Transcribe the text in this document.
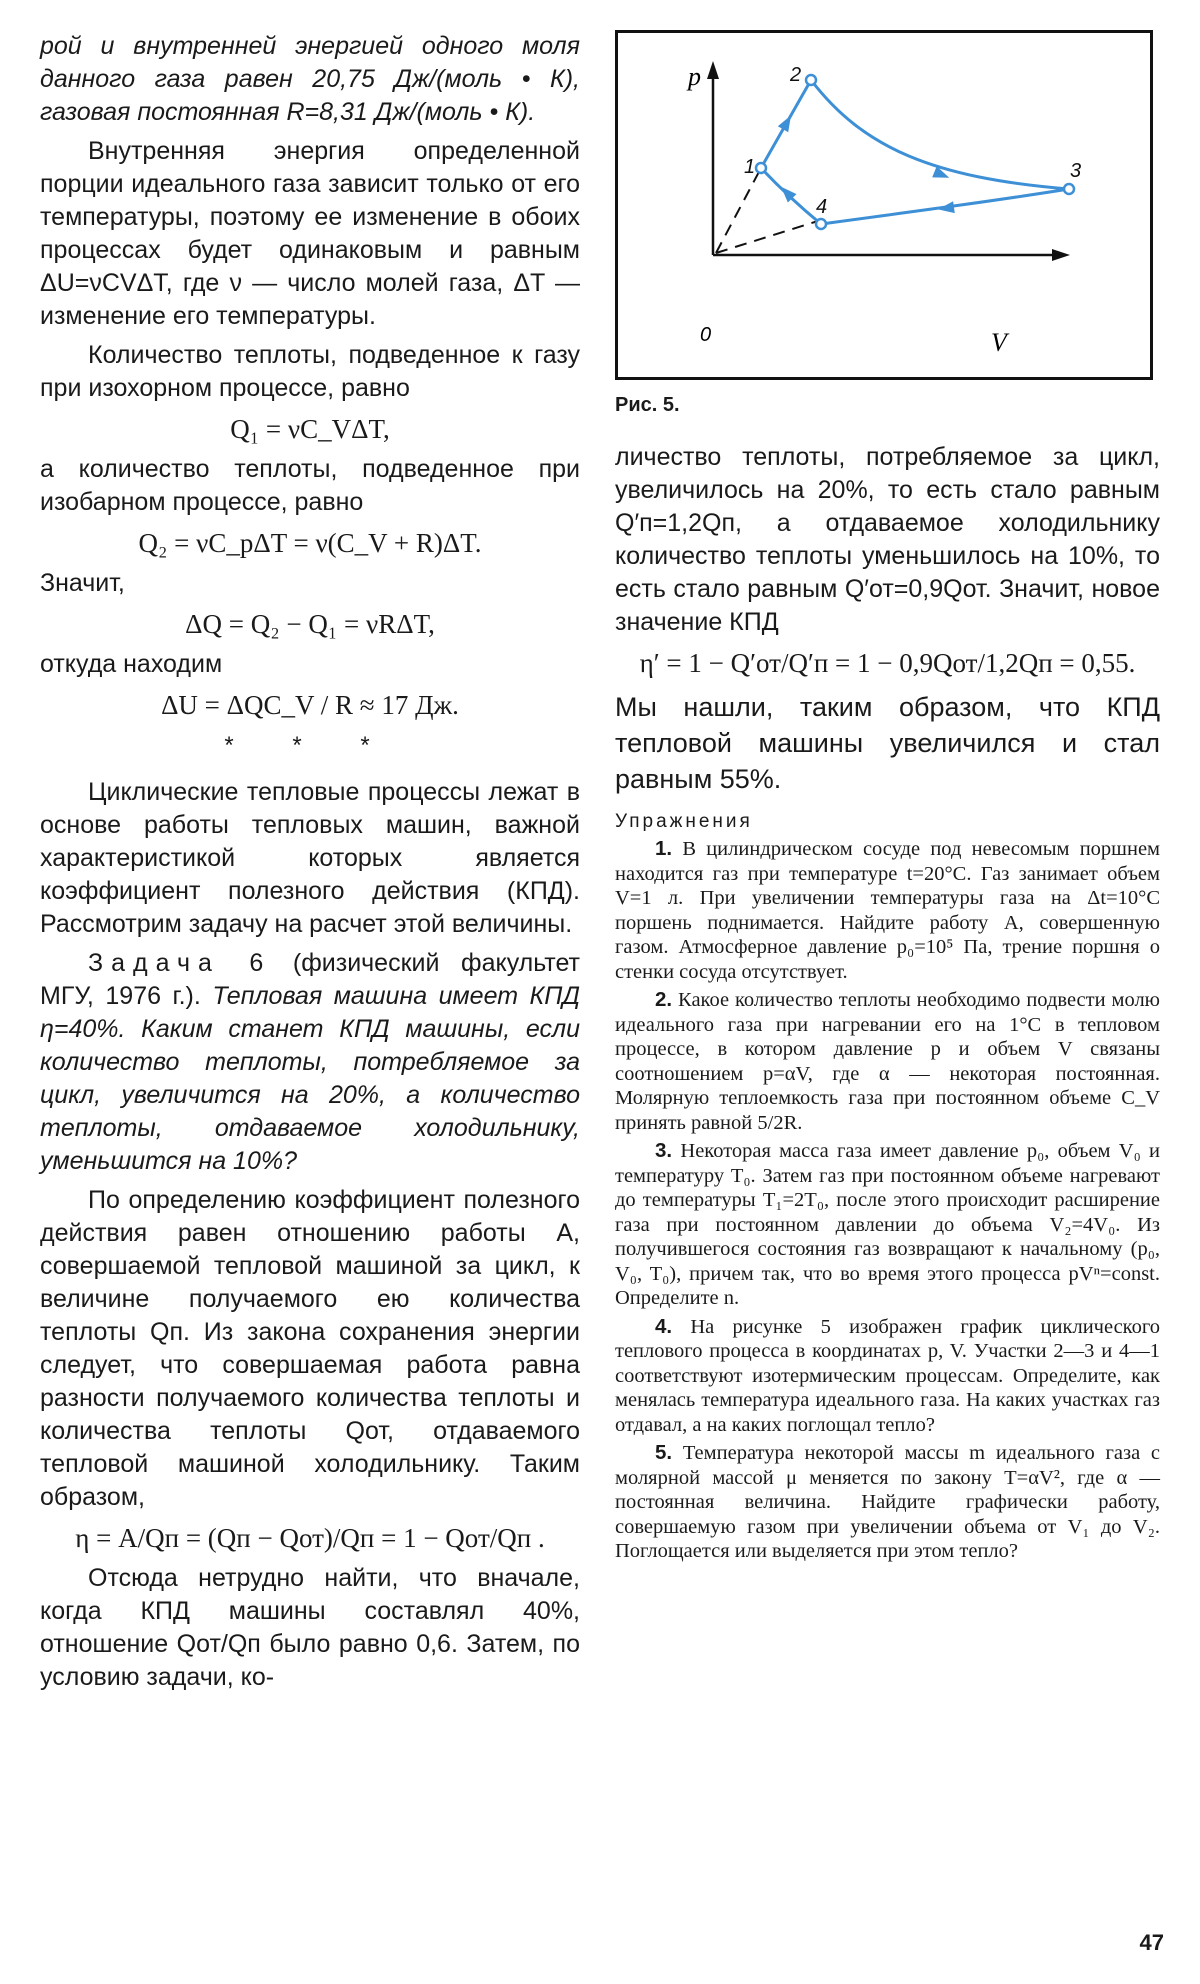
рой и внутренней энергией одного моля данного газа равен 20,75 Дж/(моль • К), газовая постоянная R=8,31 Дж/(моль • К).

Внутренняя энергия определенной порции идеального газа зависит только от его температуры, поэтому ее изменение в обоих процессах будет одинаковым и равным ΔU=νCVΔT, где ν — число молей газа, ΔT — изменение его температуры.

Количество теплоты, подведенное к газу при изохорном процессе, равно

Q₁ = νC_VΔT,

а количество теплоты, подведенное при изобарном процессе, равно

Q₂ = νC_pΔT = ν(C_V + R)ΔT.

Значит,

ΔQ = Q₂ − Q₁ = νRΔT,

откуда находим

ΔU = ΔQC_V / R ≈ 17 Дж.
* * *

Циклические тепловые процессы лежат в основе работы тепловых машин, важной характеристикой которых является коэффициент полезного действия (КПД). Рассмотрим задачу на расчет этой величины.

Задача 6 (физический факультет МГУ, 1976 г.). Тепловая машина имеет КПД η=40%. Каким станет КПД машины, если количество теплоты, потребляемое за цикл, увеличится на 20%, а количество теплоты, отдаваемое холодильнику, уменьшится на 10%?

По определению коэффициент полезного действия равен отношению работы A, совершаемой тепловой машиной за цикл, к величине получаемого ею количества теплоты Qп. Из закона сохранения энергии следует, что совершаемая работа равна разности получаемого количества теплоты и количества теплоты Qот, отдаваемого тепловой машиной холодильнику. Таким образом,

η = A/Qп = (Qп − Qот)/Qп = 1 − Qот/Qп .

Отсюда нетрудно найти, что вначале, когда КПД машины составлял 40%, отношение Qот/Qп было равно 0,6. Затем, по условию задачи, ко-

p
V
0
1
2
3
4
Рис. 5.

личество теплоты, потребляемое за цикл, увеличилось на 20%, то есть стало равным Q′п=1,2Qп, а отдаваемое холодильнику количество теплоты уменьшилось на 10%, то есть стало равным Q′от=0,9Qот. Значит, новое значение КПД

η′ = 1 − Q′от/Q′п = 1 − 0,9Qот/1,2Qп = 0,55.

Мы нашли, таким образом, что КПД тепловой машины увеличился и стал равным 55%.

Упражнения

1. В цилиндрическом сосуде под невесомым поршнем находится газ при температуре t=20°C. Газ занимает объем V=1 л. При увеличении температуры газа на Δt=10°C поршень поднимается. Найдите работу A, совершенную газом. Атмосферное давление p₀=10⁵ Па, трение поршня о стенки сосуда отсутствует.

2. Какое количество теплоты необходимо подвести молю идеального газа при нагревании его на 1°C в тепловом процессе, в котором давление p и объем V связаны соотношением p=αV, где α — некоторая постоянная. Молярную теплоемкость газа при постоянном объеме C_V принять равной 5/2R.

3. Некоторая масса газа имеет давление p₀, объем V₀ и температуру T₀. Затем газ при постоянном объеме нагревают до температуры T₁=2T₀, после этого происходит расширение газа при постоянном давлении до объема V₂=4V₀. Из получившегося состояния газ возвращают к начальному (p₀, V₀, T₀), причем так, что во время этого процесса pVⁿ=const. Определите n.

4. На рисунке 5 изображен график циклического теплового процесса в координатах p, V. Участки 2—3 и 4—1 соответствуют изотермическим процессам. Определите, как менялась температура идеального газа. На каких участках газ отдавал, а на каких поглощал тепло?

5. Температура некоторой массы m идеального газа с молярной массой μ меняется по закону T=αV², где α — постоянная величина. Найдите графически работу, совершаемую газом при увеличении объема от V₁ до V₂. Поглощается или выделяется при этом тепло?

47
